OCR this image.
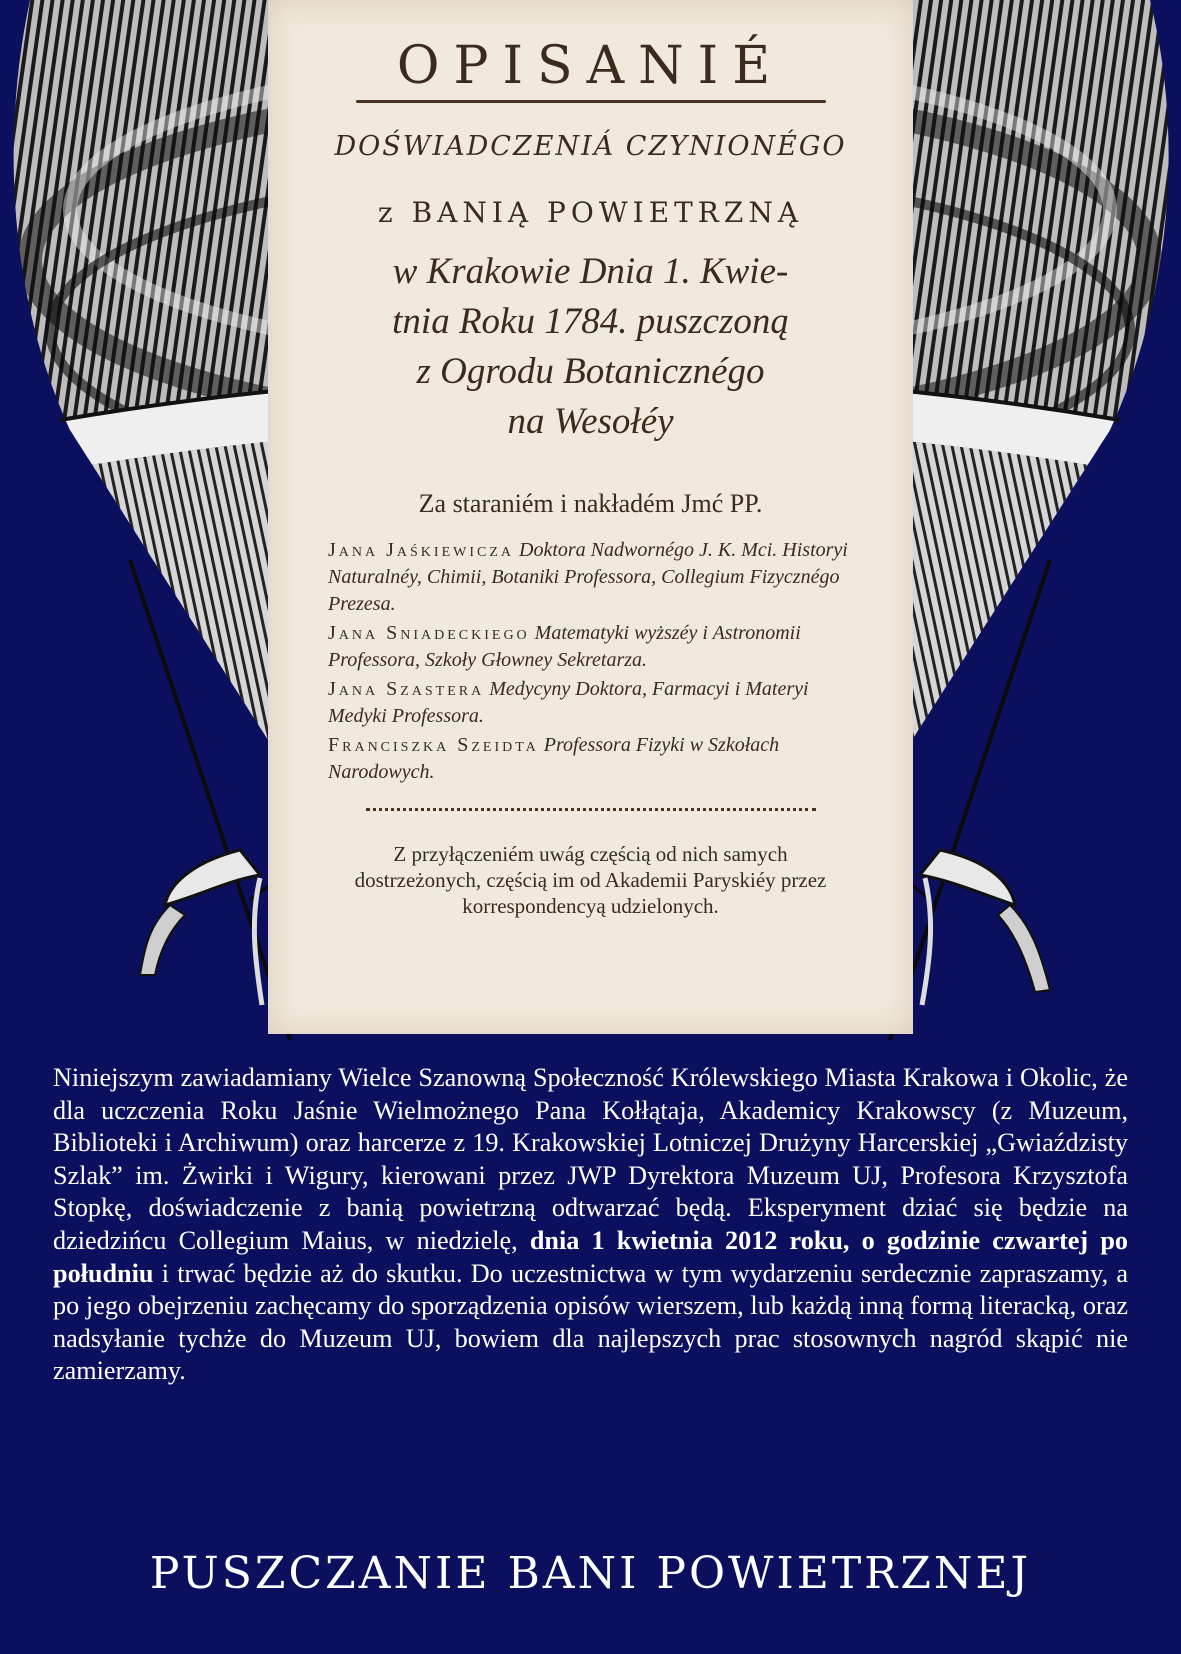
OPISANIÉ
DOŚWIADCZENIÁ CZYNIONÉGO
z BANIĄ POWIETRZNĄ
w Krakowie Dnia 1. Kwie-
tnia Roku 1784. puszczoną
z Ogrodu Botanicznégo
na Wesołéy
Za staraniém i nakładém Jmć PP.
Jana Jaśkiewicza Doktora Nadwornégo J. K. Mci. Historyi Naturalnéy, Chimii, Botaniki Professora, Collegium Fizycznégo Prezesa.
Jana Sniadeckiego Matematyki wyższéy i Astronomii Professora, Szkoły Głowney Sekretarza.
Jana Szastera Medycyny Doktora, Farmacyi i Materyi Medyki Professora.
Franciszka Szeidta Professora Fizyki w Szkołach Narodowych.
Z przyłączeniém uwág częścią od nich samych dostrzeżonych, częścią im od Akademii Paryskiéy przez korrespondencyą udzielonych.
Niniejszym zawiadamiany Wielce Szanowną Społeczność Królewskiego Miasta Krakowa i Okolic, że dla uczczenia Roku Jaśnie Wielmożnego Pana Kołłątaja, Akademicy Krakowscy (z Muzeum, Biblioteki i Archiwum) oraz harcerze z 19. Krakowskiej Lotniczej Drużyny Harcerskiej „Gwiaździsty Szlak” im. Żwirki i Wigury, kierowani przez JWP Dyrektora Muzeum UJ, Profesora Krzysztofa Stopkę, doświadczenie z banią powietrzną odtwarzać będą. Eksperyment dziać się będzie na dziedzińcu Collegium Maius, w niedzielę, dnia 1 kwietnia 2012 roku, o godzinie czwartej po południu i trwać będzie aż do skutku. Do uczestnictwa w tym wydarzeniu serdecznie zapraszamy, a po jego obejrzeniu zachęcamy do sporządzenia opisów wierszem, lub każdą inną formą literacką, oraz nadsyłanie tychże do Muzeum UJ, bowiem dla najlepszych prac stosownych nagród skąpić nie zamierzamy.
PUSZCZANIE BANI POWIETRZNEJ
